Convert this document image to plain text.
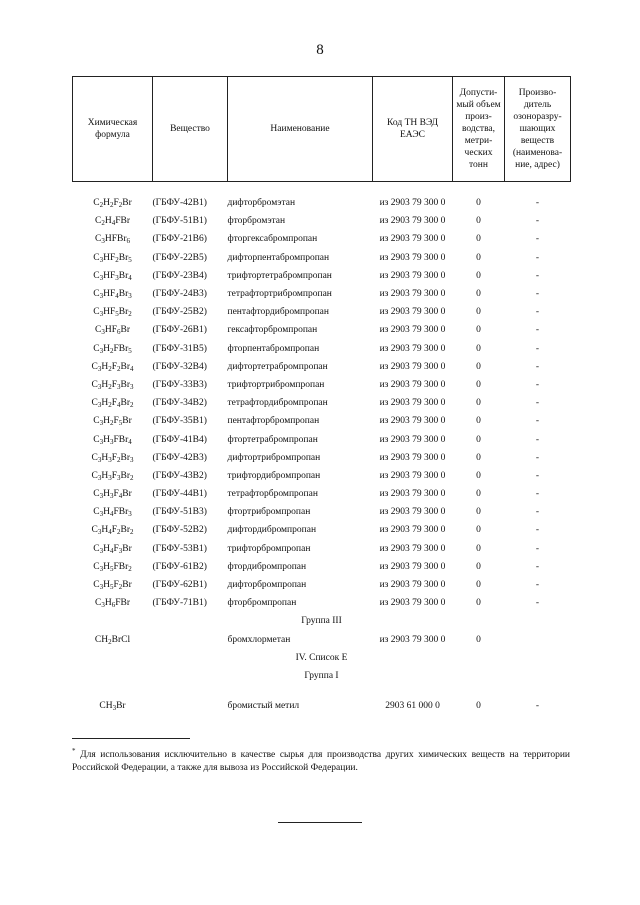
8
Химическая формула	Вещество	Наименование	Код ТН ВЭД ЕАЭС	Допусти-мый объем произ-водства, метри-ческих тонн	Произво-дитель озоноразру-шающих веществ (наименова-ние, адрес)

$C_2H_2F_2Br$	(ГБФУ-42В1)	дифторбромэтан	из 2903 79 300 0	0	-
$C_2H_4FBr$	(ГБФУ-51В1)	фторбромэтан	из 2903 79 300 0	0	-
$C_3HFBr_6$	(ГБФУ-21В6)	фторгексабромпропан	из 2903 79 300 0	0	-
$C_3HF_2Br_5$	(ГБФУ-22В5)	дифторпентабромпропан	из 2903 79 300 0	0	-
$C_3HF_3Br_4$	(ГБФУ-23В4)	трифтортетрабромпропан	из 2903 79 300 0	0	-
$C_3HF_4Br_3$	(ГБФУ-24В3)	тетрафтортрибромпропан	из 2903 79 300 0	0	-
$C_3HF_5Br_2$	(ГБФУ-25В2)	пентафтордибромпропан	из 2903 79 300 0	0	-
$C_3HF_6Br$	(ГБФУ-26В1)	гексафторбромпропан	из 2903 79 300 0	0	-
$C_3H_2FBr_5$	(ГБФУ-31В5)	фторпентабромпропан	из 2903 79 300 0	0	-
$C_3H_2F_2Br_4$	(ГБФУ-32В4)	дифтортетрабромпропан	из 2903 79 300 0	0	-
$C_3H_2F_3Br_3$	(ГБФУ-33В3)	трифтортрибромпропан	из 2903 79 300 0	0	-
$C_3H_2F_4Br_2$	(ГБФУ-34В2)	тетрафтордибромпропан	из 2903 79 300 0	0	-
$C_3H_2F_5Br$	(ГБФУ-35В1)	пентафторбромпропан	из 2903 79 300 0	0	-
$C_3H_3FBr_4$	(ГБФУ-41В4)	фтортетрабромпропан	из 2903 79 300 0	0	-
$C_3H_3F_2Br_3$	(ГБФУ-42В3)	дифтортрибромпропан	из 2903 79 300 0	0	-
$C_3H_3F_3Br_2$	(ГБФУ-43В2)	трифтордибромпропан	из 2903 79 300 0	0	-
$C_3H_3F_4Br$	(ГБФУ-44В1)	тетрафторбромпропан	из 2903 79 300 0	0	-
$C_3H_4FBr_3$	(ГБФУ-51В3)	фтортрибромпропан	из 2903 79 300 0	0	-
$C_3H_4F_2Br_2$	(ГБФУ-52В2)	дифтордибромпропан	из 2903 79 300 0	0	-
$C_3H_4F_3Br$	(ГБФУ-53В1)	трифторбромпропан	из 2903 79 300 0	0	-
$C_3H_5FBr_2$	(ГБФУ-61В2)	фтордибромпропан	из 2903 79 300 0	0	-
$C_3H_5F_2Br$	(ГБФУ-62В1)	дифторбромпропан	из 2903 79 300 0	0	-
$C_3H_6FBr$	(ГБФУ-71В1)	фторбромпропан	из 2903 79 300 0	0	-
Группа III					
$CH_2BrCl$		бромхлорметан	из 2903 79 300 0	0	
IV. Список Е					
Группа I					

$CH_3Br$		бромистый метил	2903 61 000 0	0	-
* Для использования исключительно в качестве сырья для производства других химических веществ на территории Российской Федерации, а также для вывоза из Российской Федерации.
